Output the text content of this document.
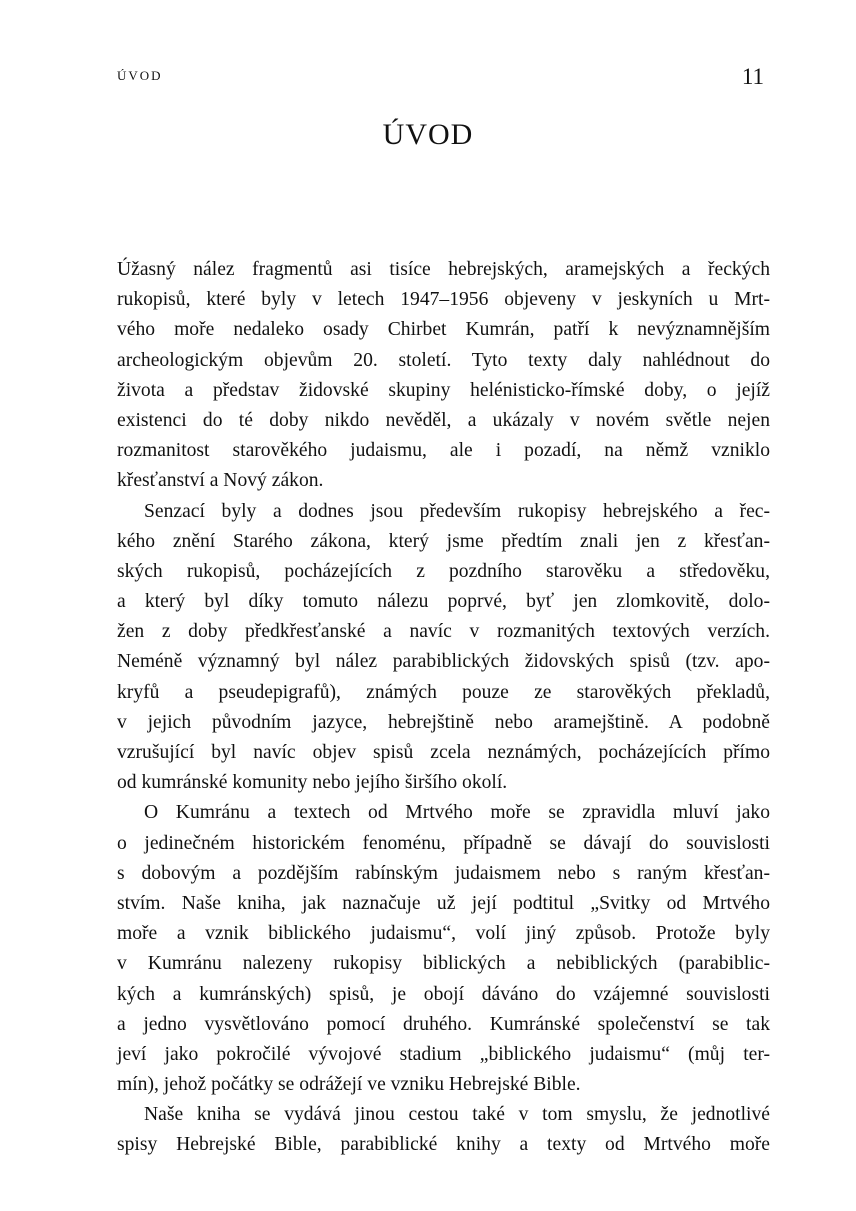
ÚVOD	11
ÚVOD
Úžasný nález fragmentů asi tisíce hebrejských, aramejských a řeckých
rukopisů, které byly v letech 1947–1956 objeveny v jeskyních u Mrt-
vého moře nedaleko osady Chirbet Kumrán, patří k nevýznamnějším
archeologickým objevům 20. století. Tyto texty daly nahlédnout do
života a představ židovské skupiny helénisticko-římské doby, o jejíž
existenci do té doby nikdo nevěděl, a ukázaly v novém světle nejen
rozmanitost starověkého judaismu, ale i pozadí, na němž vzniklo
křesťanství a Nový zákon.
Senzací byly a dodnes jsou především rukopisy hebrejského a řec-
kého znění Starého zákona, který jsme předtím znali jen z křesťan-
ských rukopisů, pocházejících z pozdního starověku a středověku,
a který byl díky tomuto nálezu poprvé, byť jen zlomkovitě, dolo-
žen z doby předkřesťanské a navíc v rozmanitých textových verzích.
Neméně významný byl nález parabiblických židovských spisů (tzv. apo-
kryfů a pseudepigrafů), známých pouze ze starověkých překladů,
v jejich původním jazyce, hebrejštině nebo aramejštině. A podobně
vzrušující byl navíc objev spisů zcela neznámých, pocházejících přímo
od kumránské komunity nebo jejího širšího okolí.
O Kumránu a textech od Mrtvého moře se zpravidla mluví jako
o jedinečném historickém fenoménu, případně se dávají do souvislosti
s dobovým a pozdějším rabínským judaismem nebo s raným křesťan-
stvím. Naše kniha, jak naznačuje už její podtitul „Svitky od Mrtvého
moře a vznik biblického judaismu“, volí jiný způsob. Protože byly
v Kumránu nalezeny rukopisy biblických a nebiblických (parabiblic-
kých a kumránských) spisů, je obojí dáváno do vzájemné souvislosti
a jedno vysvětlováno pomocí druhého. Kumránské společenství se tak
jeví jako pokročilé vývojové stadium „biblického judaismu“ (můj ter-
mín), jehož počátky se odrážejí ve vzniku Hebrejské Bible.
Naše kniha se vydává jinou cestou také v tom smyslu, že jednotlivé
spisy Hebrejské Bible, parabiblické knihy a texty od Mrtvého moře
